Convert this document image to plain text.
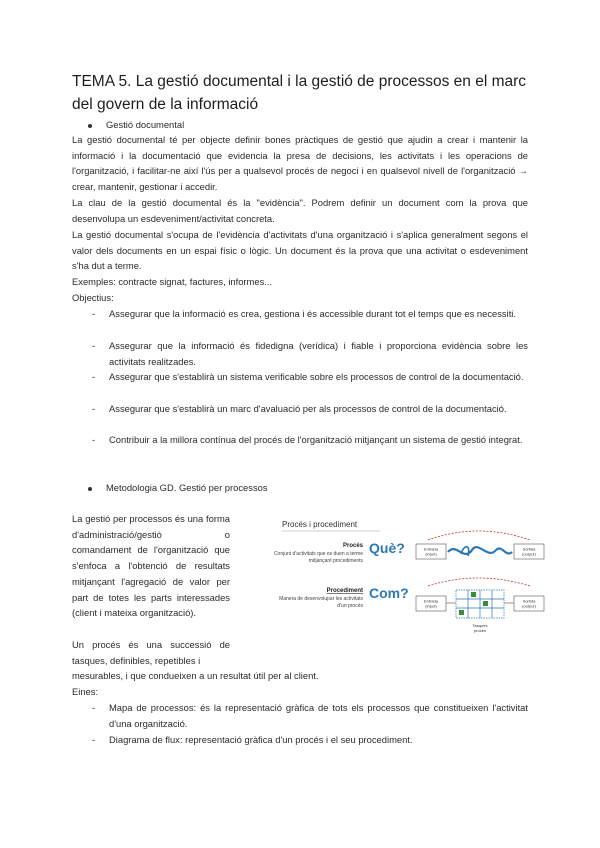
TEMA 5. La gestió documental i la gestió de processos en el marc del govern de la informació
Gestió documental

La gestió documental té per objecte definir bones pràctiques de gestió que ajudin a crear i mantenir la informació i la documentació que evidencia la presa de decisions, les activitats i les operacions de l'organització, i facilitar-ne així l'ús per a qualsevol procés de negoci i en qualsevol nivell de l'organització → crear, mantenir, gestionar i accedir.

La clau de la gestió documental és la "evidència". Podrem definir un document com la prova que desenvolupa un esdeveniment/activitat concreta.

La gestió documental s'ocupa de l'evidència d'activitats d'una organització i s'aplica generalment segons el valor dels documents en un espai físic o lògic. Un document és la prova que una activitat o esdeveniment s'ha dut a terme.

Exemples: contracte signat, factures, informes...

Objectius:

- Assegurar que la informació es crea, gestiona i és accessible durant tot el temps que es necessiti.
- Assegurar que la informació és fidedigna (verídica) i fiable i proporciona evidència sobre les activitats realitzades.
- Assegurar que s'establirà un sistema verificable sobre els processos de control de la documentació.
- Assegurar que s'establirà un marc d'avaluació per als processos de control de la documentació.
- Contribuir a la millora contínua del procés de l'organització mitjançant un sistema de gestió integrat.
Metodologia GD. Gestió per processos

La gestió per processos és una forma d'administració/gestió o comandament de l'organització que s'enfoca a l'obtenció de resultats mitjançant l'agregació de valor per part de totes les parts interessades (client i mateixa organització).

Un procés és una successió de tasques, definibles, repetibles i

mesurables, i que condueixen a un resultat útil per al client.

Eines:

- Mapa de processos: és la representació gràfica de tots els processos que constitueixen l'activitat d'una organització.
- Diagrama de flux: representació gràfica d'un procés i el seu procediment.
Procés i procediment
Procés
Conjunt d'activitats que es duen a terme
mitjançant procediments
Què?	Entrada
(input)
Sortida
(output)
Procediment
Manera de desenvolupar les activitats
d'un procés
Com?	Entrada
(input)
Sortida
(output)
Tasques
procés
